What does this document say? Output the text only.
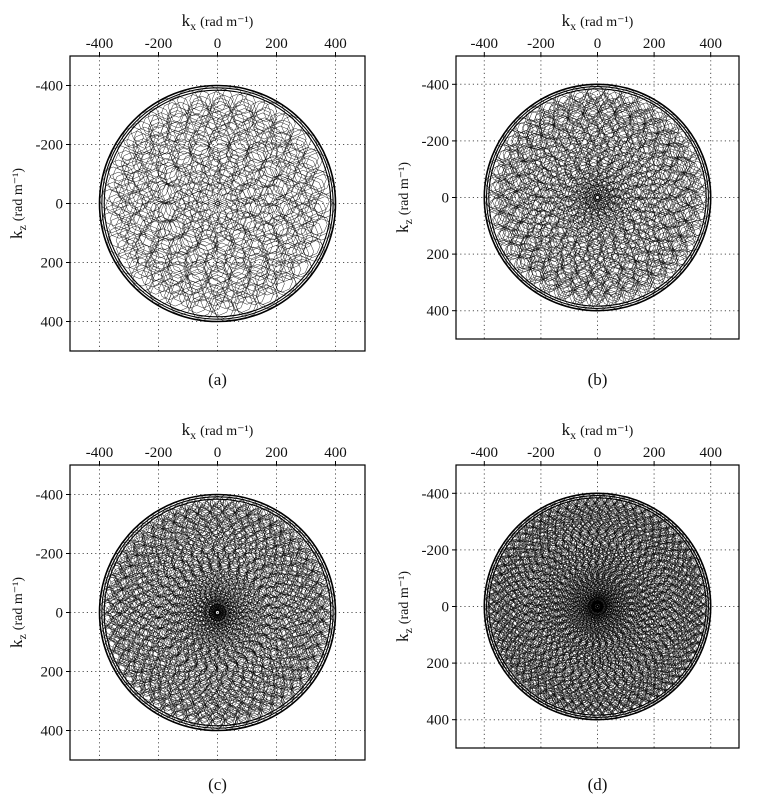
-400 -200	0	200 400
-400
-200
0
200
400
$k_x$ $^{(rad m^{-1})}$
$k_z^{(rad m^{-1})}$
(a)
-400 -200	0	200 400
-400
-200
0
200
400
$k_x$ $^{(rad m^{-1})}$
$k_z^{(rad m^{-1})}$
(b)
-400 -200	0	200 400
-400
-200
0
200
400
$k_x$ $^{(rad m^{-1})}$
$k_z^{(rad m^{-1})}$
(c)
-400 -200	0	200 400
-400
-200
0
200
400
$k_x$ $^{(rad m^{-1})}$
$k_z^{(rad m^{-1})}$
(d)
